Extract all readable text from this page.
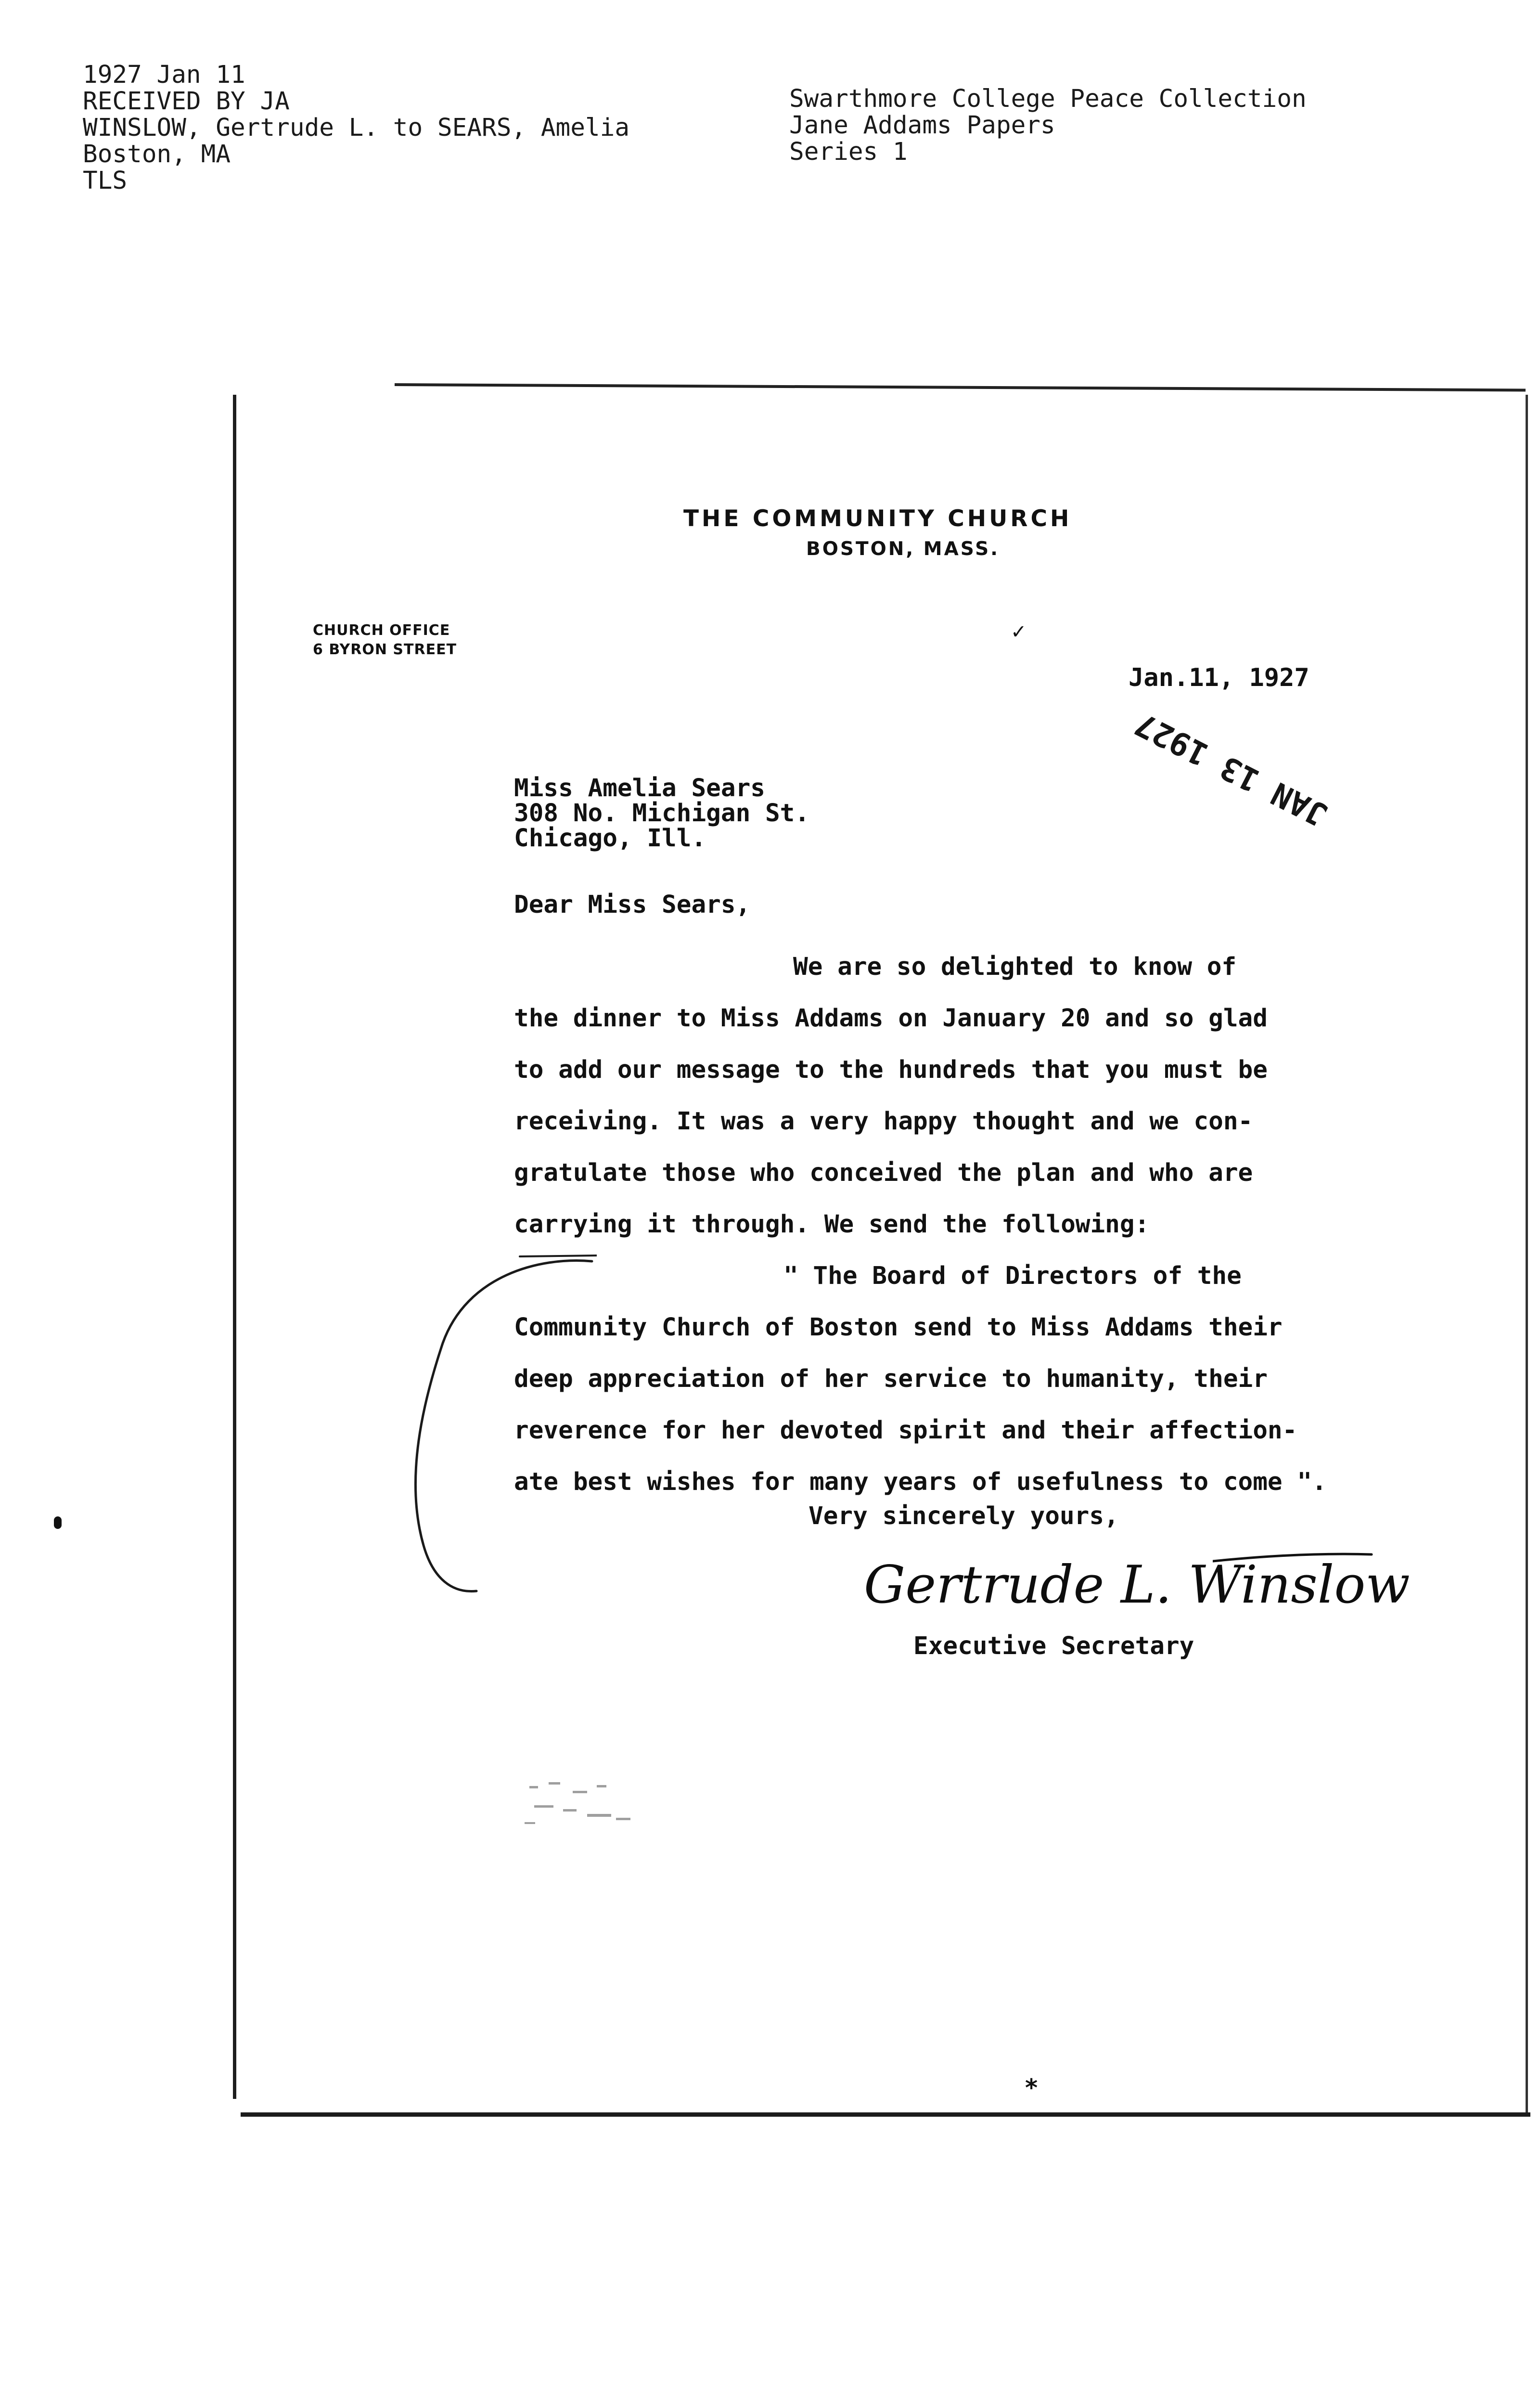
1927 Jan 11
RECEIVED BY JA
WINSLOW, Gertrude L. to SEARS, Amelia
Boston, MA
TLS
Swarthmore College Peace Collection
Jane Addams Papers
Series 1
THE COMMUNITY CHURCH
BOSTON, MASS.
CHURCH OFFICE
6 BYRON STREET
✓
Jan.11, 1927
JAN 13 1927
Miss Amelia Sears
308 No. Michigan St.
Chicago, Ill.
Dear Miss Sears,
We are so delighted to know of
the dinner to Miss Addams on January 20 and so glad
to add our message to the hundreds that you must be
receiving. It was a very happy thought and we con-
gratulate those who conceived the plan and who are
carrying it through. We send the following:
" The Board of Directors of the
Community Church of Boston send to Miss Addams their
deep appreciation of her service to humanity, their
reverence for her devoted spirit and their affection-
ate best wishes for many years of usefulness to come ".
Very sincerely yours,
Gertrude L. Winslow
Executive Secretary
*
